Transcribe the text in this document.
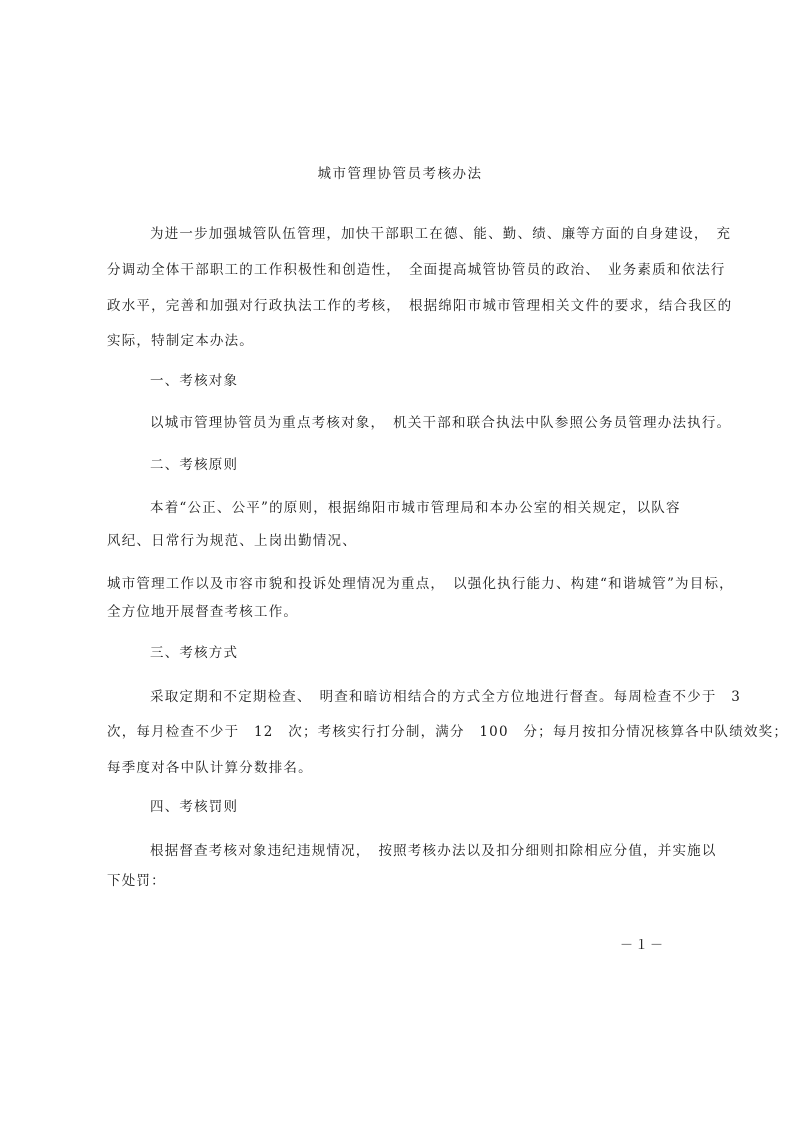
城市管理协管员考核办法
为进一步加强城管队伍管理，加快干部职工在德、能、勤、绩、廉等方面的自身建设，　充
分调动全体干部职工的工作积极性和创造性，　全面提高城管协管员的政治、　业务素质和依法行
政水平，完善和加强对行政执法工作的考核，　根据绵阳市城市管理相关文件的要求，结合我区的
实际，特制定本办法。
一、考核对象
以城市管理协管员为重点考核对象，　机关干部和联合执法中队参照公务员管理办法执行。
二、考核原则
本着“公正、公平”的原则，根据绵阳市城市管理局和本办公室的相关规定，以队容
风纪、日常行为规范、上岗出勤情况、
城市管理工作以及市容市貌和投诉处理情况为重点，　以强化执行能力、构建“和谐城管”为目标，
全方位地开展督查考核工作。
三、考核方式
采取定期和不定期检查、　明查和暗访相结合的方式全方位地进行督查。每周检查不少于　3
次，每月检查不少于　12　次；考核实行打分制，满分　100　分；每月按扣分情况核算各中队绩效奖；
每季度对各中队计算分数排名。
四、考核罚则
根据督查考核对象违纪违规情况，　按照考核办法以及扣分细则扣除相应分值，并实施以
下处罚：
－１－
